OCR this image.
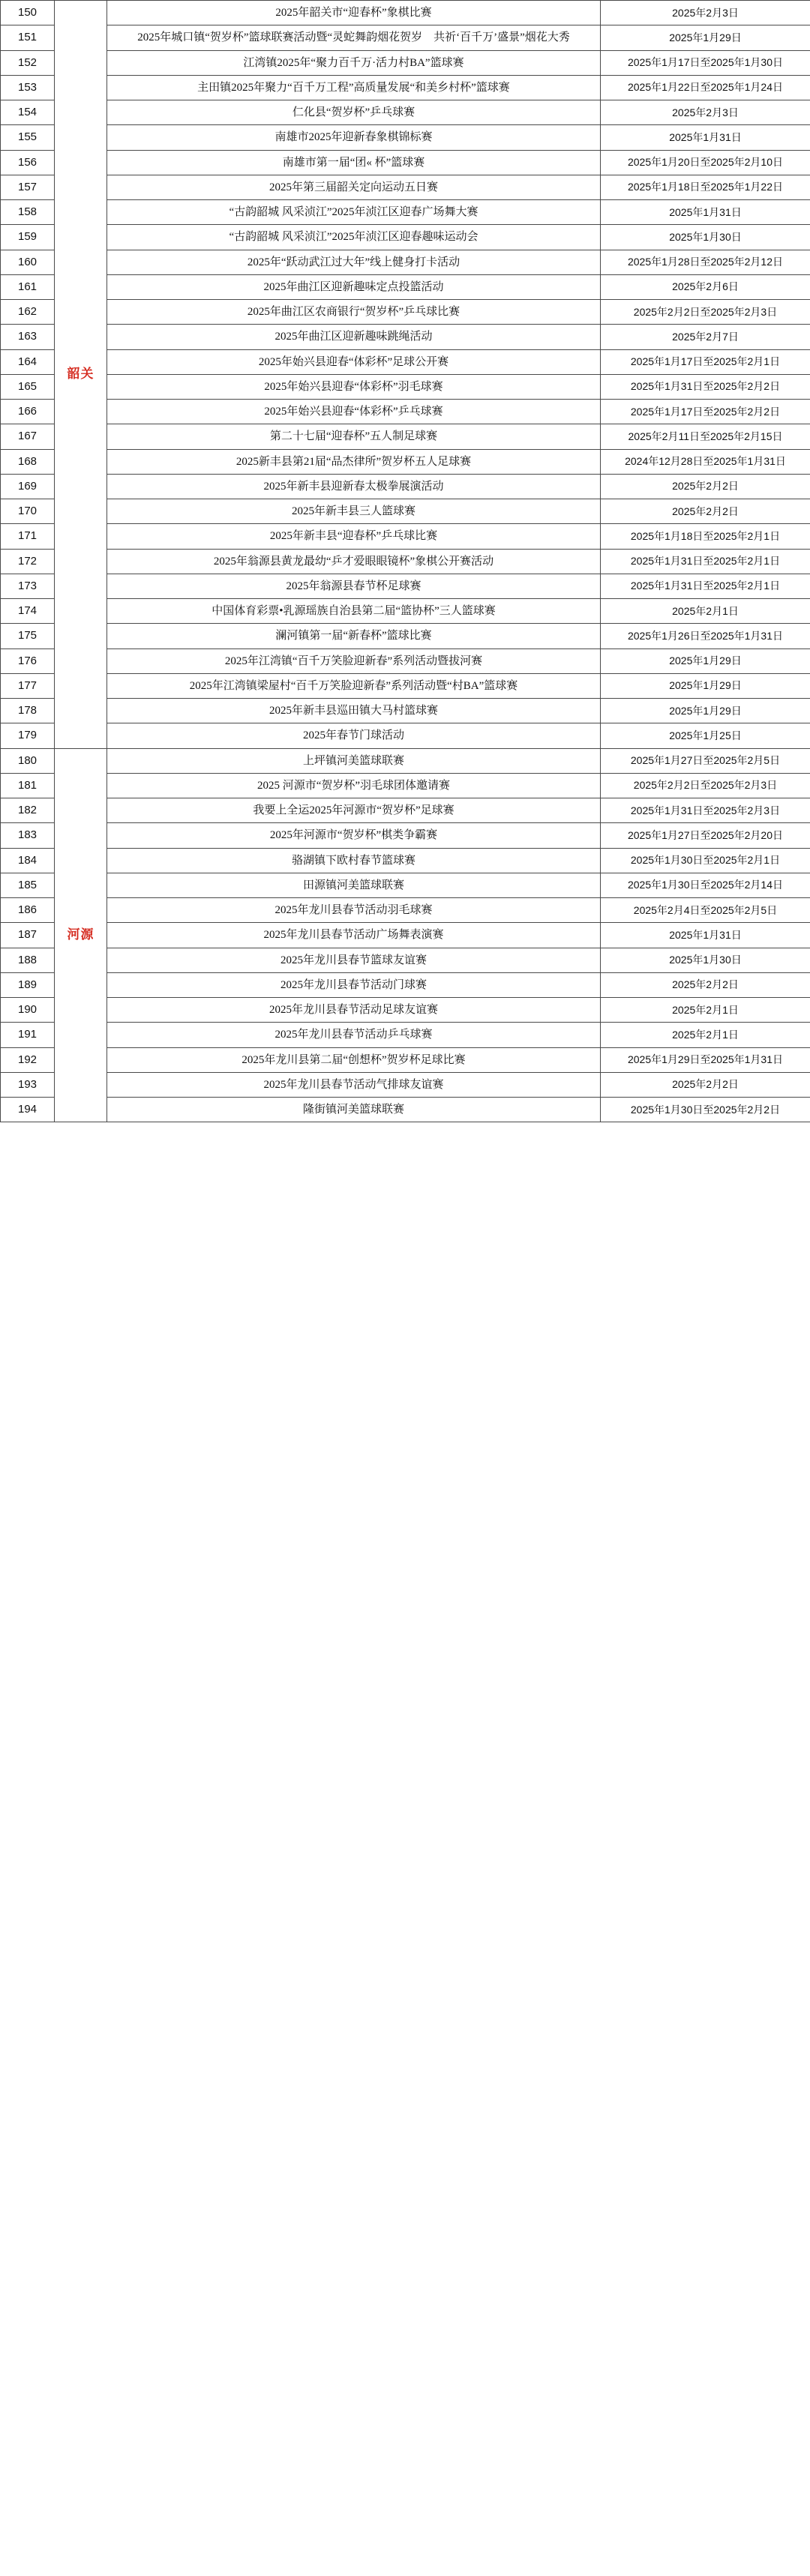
150	韶关	2025年韶关市“迎春杯”象棋比赛	2025年2月3日
151		2025年城口镇“贺岁杯”篮球联赛活动暨“灵蛇舞韵烟花贺岁　共祈‘百千万’盛景”烟花大秀	2025年1月29日
152		江湾镇2025年“聚力百千万·活力村BA”篮球赛	2025年1月17日至2025年1月30日
153		主田镇2025年聚力“百千万工程”高质量发展“和美乡村杯”篮球赛	2025年1月22日至2025年1月24日
154		仁化县“贺岁杯”乒乓球赛	2025年2月3日
155		南雄市2025年迎新春象棋锦标赛	2025年1月31日
156		南雄市第一届“团« 杯”篮球赛	2025年1月20日至2025年2月10日
157		2025年第三届韶关定向运动五日赛	2025年1月18日至2025年1月22日
158		“古韵韶城 风采浈江”2025年浈江区迎春广场舞大赛	2025年1月31日
159		“古韵韶城 风采浈江”2025年浈江区迎春趣味运动会	2025年1月30日
160		2025年“跃动武江过大年”线上健身打卡活动	2025年1月28日至2025年2月12日
161		2025年曲江区迎新趣味定点投篮活动	2025年2月6日
162		2025年曲江区农商银行“贺岁杯”乒乓球比赛	2025年2月2日至2025年2月3日
163		2025年曲江区迎新趣味跳绳活动	2025年2月7日
164		2025年始兴县迎春“体彩杯”足球公开赛	2025年1月17日至2025年2月1日
165		2025年始兴县迎春“体彩杯”羽毛球赛	2025年1月31日至2025年2月2日
166		2025年始兴县迎春“体彩杯”乒乓球赛	2025年1月17日至2025年2月2日
167		第二十七届“迎春杯”五人制足球赛	2025年2月11日至2025年2月15日
168		2025新丰县第21届“品杰律所”贺岁杯五人足球赛	2024年12月28日至2025年1月31日
169		2025年新丰县迎新春太极拳展演活动	2025年2月2日
170		2025年新丰县三人篮球赛	2025年2月2日
171		2025年新丰县“迎春杯”乒乓球比赛	2025年1月18日至2025年2月1日
172		2025年翁源县黄龙最幼“乒才爱眼眼镜杯”象棋公开赛活动	2025年1月31日至2025年2月1日
173		2025年翁源县春节杯足球赛	2025年1月31日至2025年2月1日
174		中国体育彩票•乳源瑶族自治县第二届“篮协杯”三人篮球赛	2025年2月1日
175		澜河镇第一届“新春杯”篮球比赛	2025年1月26日至2025年1月31日
176		2025年江湾镇“百千万笑脸迎新春”系列活动暨拔河赛	2025年1月29日
177		2025年江湾镇梁屋村“百千万笑脸迎新春”系列活动暨“村BA”篮球赛	2025年1月29日
178		2025年新丰县巡田镇大马村篮球赛	2025年1月29日
179		2025年春节门球活动	2025年1月25日
180	河源	上坪镇河美篮球联赛	2025年1月27日至2025年2月5日
181		2025 河源市“贺岁杯”羽毛球团体邀请赛	2025年2月2日至2025年2月3日
182		我要上全运2025年河源市“贺岁杯”足球赛	2025年1月31日至2025年2月3日
183		2025年河源市“贺岁杯”棋类争霸赛	2025年1月27日至2025年2月20日
184		骆湖镇下欧村春节篮球赛	2025年1月30日至2025年2月1日
185		田源镇河美篮球联赛	2025年1月30日至2025年2月14日
186		2025年龙川县春节活动羽毛球赛	2025年2月4日至2025年2月5日
187		2025年龙川县春节活动广场舞表演赛	2025年1月31日
188		2025年龙川县春节篮球友谊赛	2025年1月30日
189		2025年龙川县春节活动门球赛	2025年2月2日
190		2025年龙川县春节活动足球友谊赛	2025年2月1日
191		2025年龙川县春节活动乒乓球赛	2025年2月1日
192		2025年龙川县第二届“创想杯”贺岁杯足球比赛	2025年1月29日至2025年1月31日
193		2025年龙川县春节活动气排球友谊赛	2025年2月2日
194		隆街镇河美篮球联赛	2025年1月30日至2025年2月2日
